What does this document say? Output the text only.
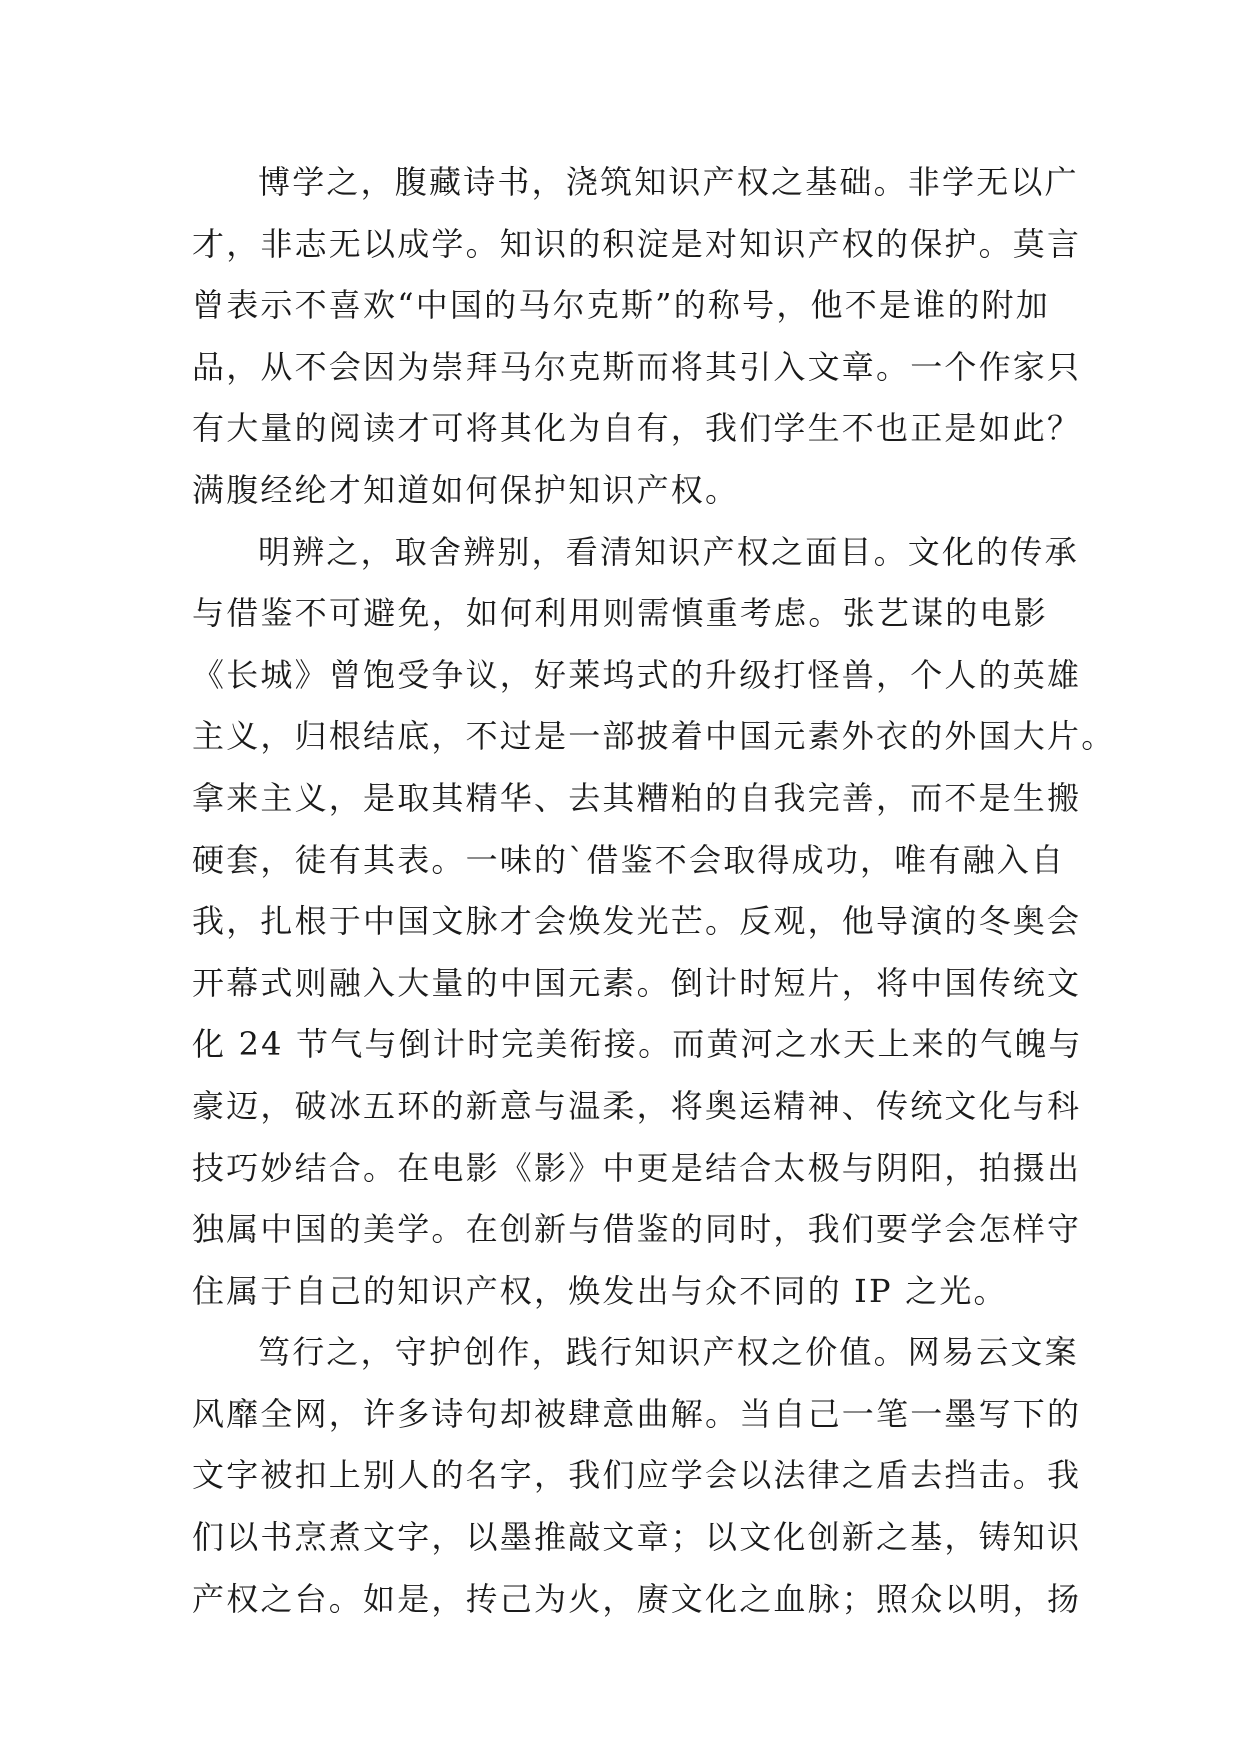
博学之，腹藏诗书，浇筑知识产权之基础。非学无以广
才，非志无以成学。知识的积淀是对知识产权的保护。莫言
曾表示不喜欢“中国的马尔克斯”的称号，他不是谁的附加
品，从不会因为崇拜马尔克斯而将其引入文章。一个作家只
有大量的阅读才可将其化为自有，我们学生不也正是如此？
满腹经纶才知道如何保护知识产权。
明辨之，取舍辨别，看清知识产权之面目。文化的传承
与借鉴不可避免，如何利用则需慎重考虑。张艺谋的电影
《长城》曾饱受争议，好莱坞式的升级打怪兽，个人的英雄
主义，归根结底，不过是一部披着中国元素外衣的外国大片。
拿来主义，是取其精华、去其糟粕的自我完善，而不是生搬
硬套，徒有其表。一味的`借鉴不会取得成功，唯有融入自
我，扎根于中国文脉才会焕发光芒。反观，他导演的冬奥会
开幕式则融入大量的中国元素。倒计时短片，将中国传统文
化 24 节气与倒计时完美衔接。而黄河之水天上来的气魄与
豪迈，破冰五环的新意与温柔，将奥运精神、传统文化与科
技巧妙结合。在电影《影》中更是结合太极与阴阳，拍摄出
独属中国的美学。在创新与借鉴的同时，我们要学会怎样守
住属于自己的知识产权，焕发出与众不同的 IP 之光。
笃行之，守护创作，践行知识产权之价值。网易云文案
风靡全网，许多诗句却被肆意曲解。当自己一笔一墨写下的
文字被扣上别人的名字，我们应学会以法律之盾去挡击。我
们以书烹煮文字，以墨推敲文章；以文化创新之基，铸知识
产权之台。如是，抟己为火，赓文化之血脉；照众以明，扬
